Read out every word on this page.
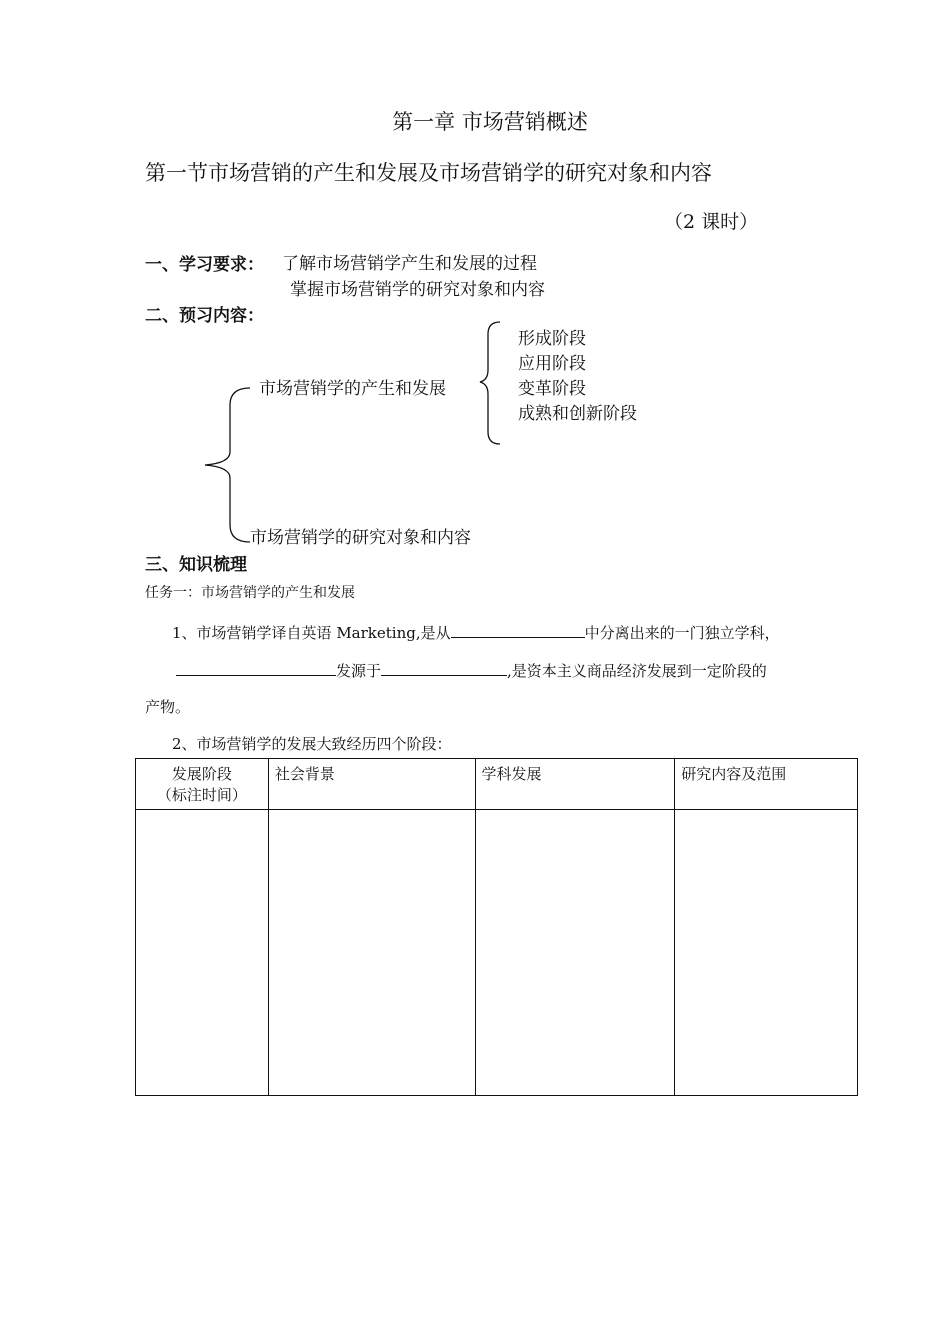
第一章 市场营销概述
第一节市场营销的产生和发展及市场营销学的研究对象和内容
（2 课时）
一、学习要求： 了解市场营销学产生和发展的过程
掌握市场营销学的研究对象和内容
二、预习内容：
市场营销学的产生和发展
形成阶段
应用阶段
变革阶段
成熟和创新阶段
市场营销学的研究对象和内容
三、知识梳理
任务一：市场营销学的产生和发展
1、市场营销学译自英语 Marketing,是从	中分离出来的一门独立学科，
发源于	,是资本主义商品经济发展到一定阶段的
产物。
2、市场营销学的发展大致经历四个阶段：
发展阶段
（标注时间）	社会背景	学科发展	研究内容及范围
